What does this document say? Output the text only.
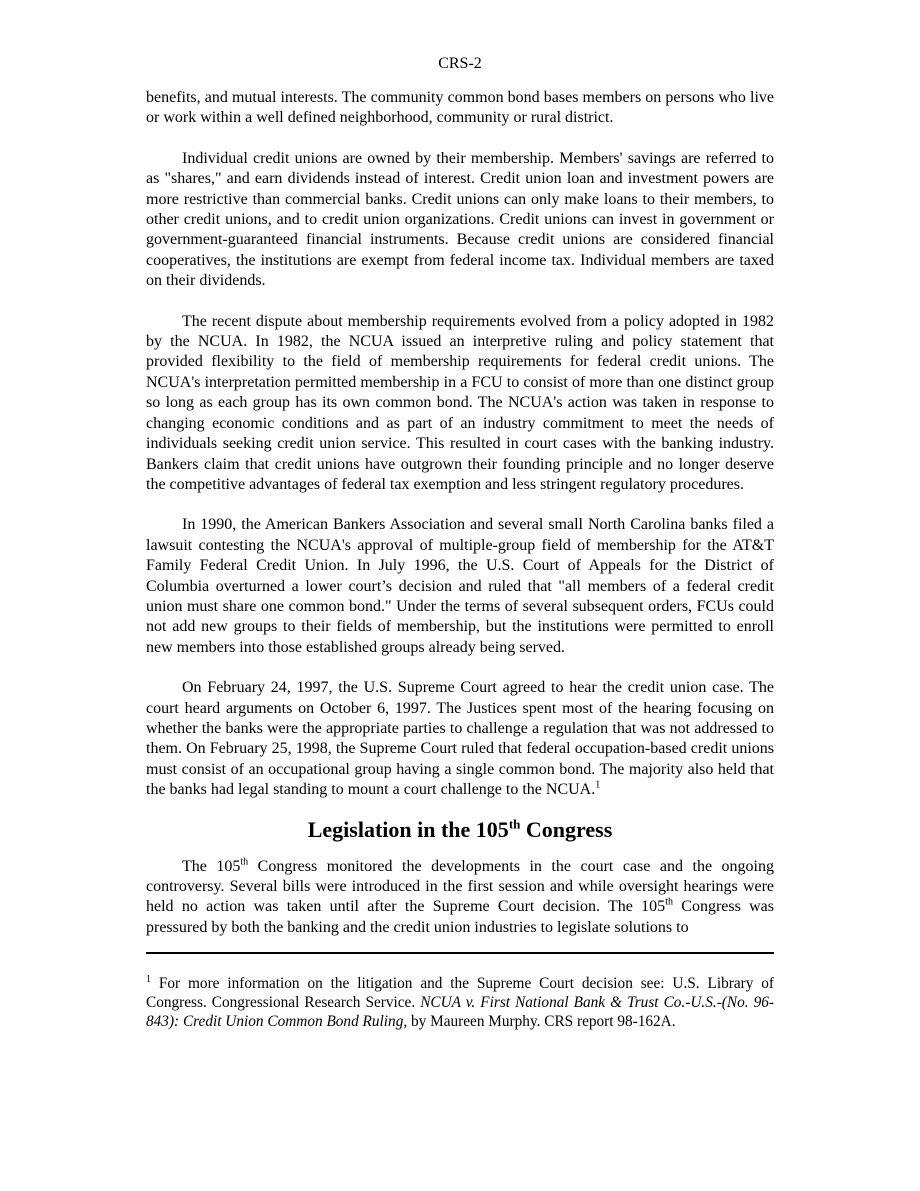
CRS-2

benefits, and mutual interests. The community common bond bases members on persons who live or work within a well defined neighborhood, community or rural district.

Individual credit unions are owned by their membership. Members' savings are referred to as "shares," and earn dividends instead of interest. Credit union loan and investment powers are more restrictive than commercial banks. Credit unions can only make loans to their members, to other credit unions, and to credit union organizations. Credit unions can invest in government or government-guaranteed financial instruments. Because credit unions are considered financial cooperatives, the institutions are exempt from federal income tax. Individual members are taxed on their dividends.

The recent dispute about membership requirements evolved from a policy adopted in 1982 by the NCUA. In 1982, the NCUA issued an interpretive ruling and policy statement that provided flexibility to the field of membership requirements for federal credit unions. The NCUA's interpretation permitted membership in a FCU to consist of more than one distinct group so long as each group has its own common bond. The NCUA's action was taken in response to changing economic conditions and as part of an industry commitment to meet the needs of individuals seeking credit union service. This resulted in court cases with the banking industry. Bankers claim that credit unions have outgrown their founding principle and no longer deserve the competitive advantages of federal tax exemption and less stringent regulatory procedures.

In 1990, the American Bankers Association and several small North Carolina banks filed a lawsuit contesting the NCUA's approval of multiple-group field of membership for the AT&T Family Federal Credit Union. In July 1996, the U.S. Court of Appeals for the District of Columbia overturned a lower court’s decision and ruled that "all members of a federal credit union must share one common bond." Under the terms of several subsequent orders, FCUs could not add new groups to their fields of membership, but the institutions were permitted to enroll new members into those established groups already being served.

On February 24, 1997, the U.S. Supreme Court agreed to hear the credit union case. The court heard arguments on October 6, 1997. The Justices spent most of the hearing focusing on whether the banks were the appropriate parties to challenge a regulation that was not addressed to them. On February 25, 1998, the Supreme Court ruled that federal occupation-based credit unions must consist of an occupational group having a single common bond. The majority also held that the banks had legal standing to mount a court challenge to the NCUA.$^1$

Legislation in the 105th Congress

The 105th Congress monitored the developments in the court case and the ongoing controversy. Several bills were introduced in the first session and while oversight hearings were held no action was taken until after the Supreme Court decision. The 105th Congress was pressured by both the banking and the credit union industries to legislate solutions to

$^1$ For more information on the litigation and the Supreme Court decision see: U.S. Library of Congress. Congressional Research Service. NCUA v. First National Bank & Trust Co.-U.S.-(No. 96-843): Credit Union Common Bond Ruling, by Maureen Murphy. CRS report 98-162A.
